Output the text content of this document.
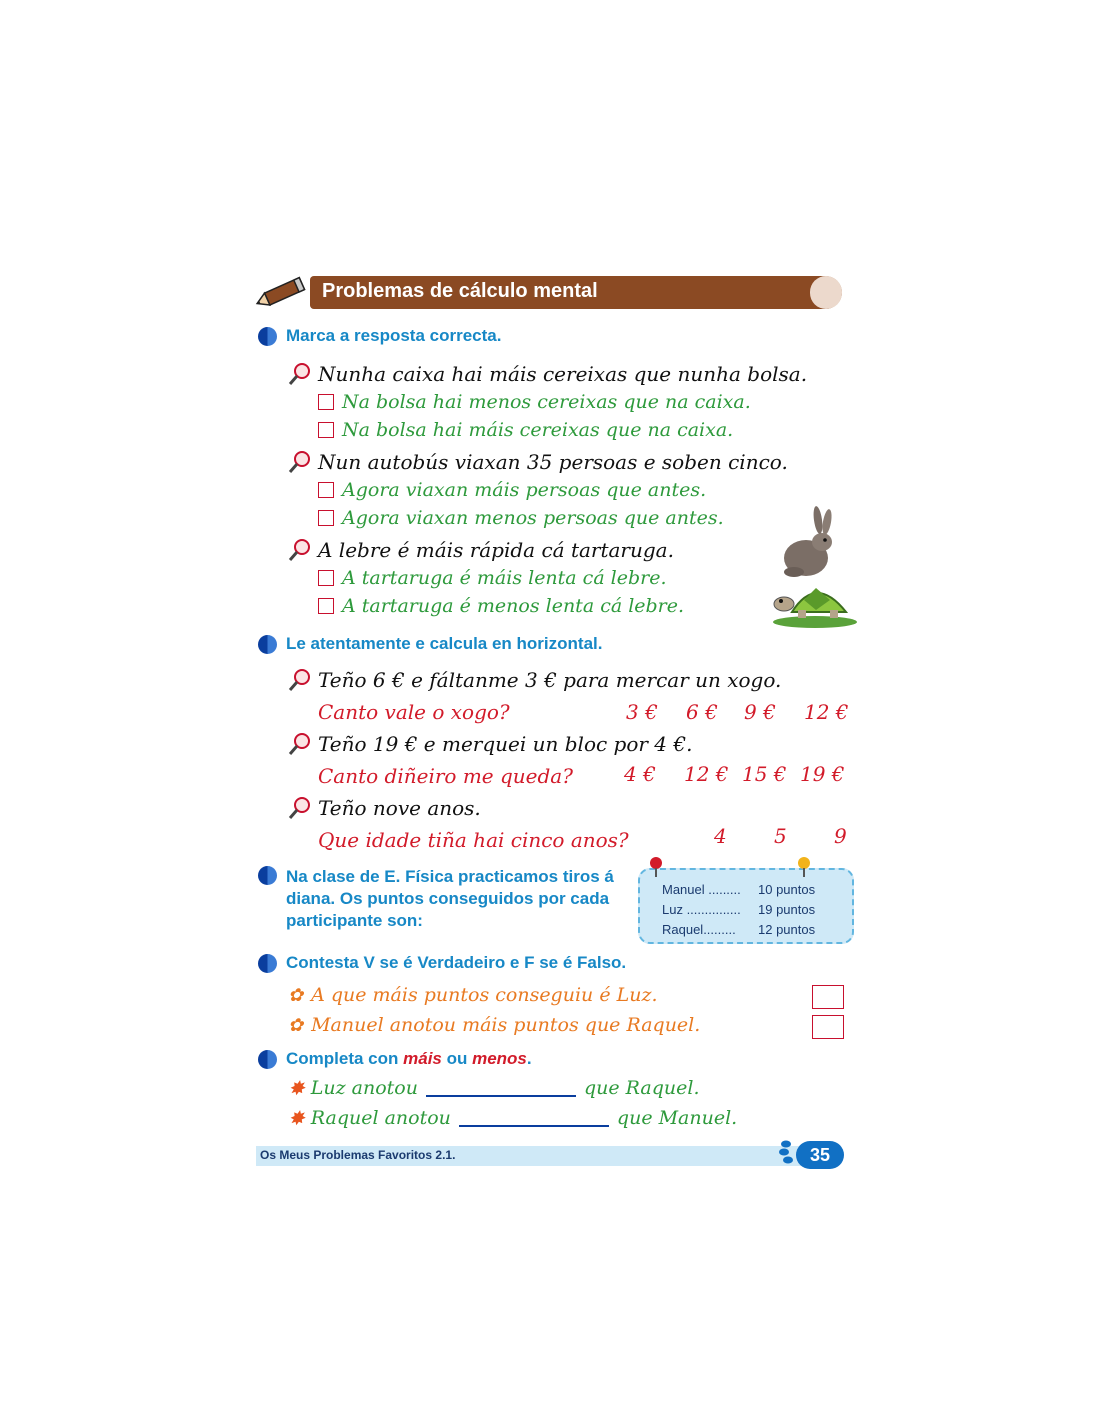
Problemas de cálculo mental
Marca a resposta correcta.
Nunha caixa hai máis cereixas que nunha bolsa.
Na bolsa hai menos cereixas que na caixa.
Na bolsa hai máis cereixas que na caixa.
Nun autobús viaxan 35 persoas e soben cinco.
Agora viaxan máis persoas que antes.
Agora viaxan menos persoas que antes.
A lebre é máis rápida cá tartaruga.
A tartaruga é máis lenta cá lebre.
A tartaruga é menos lenta cá lebre.
Le atentamente e calcula en horizontal.
Teño 6 € e fáltanme 3 € para mercar un xogo.
Canto vale o xogo?	3 € 6 € 9 € 12 €
Teño 19 € e merquei un bloc por 4 €.
Canto diñeiro me queda?	4 € 12 € 15 € 19 €
Teño nove anos.
Que idade tiña hai cinco anos?	4 5 9
Na clase de E. Física practicamos tiros á diana. Os puntos conseguidos por cada participante son:
Manuel ......... 10 puntos
Luz ............... 19 puntos
Raquel......... 12 puntos
Contesta V se é Verdadeiro e F se é Falso.
✿ A que máis puntos conseguiu é Luz.
✿ Manuel anotou máis puntos que Raquel.
Completa con máis ou menos.
✸ Luz anotou	que Raquel.
✸ Raquel anotou	que Manuel.
Os Meus Problemas Favoritos 2.1.	35
